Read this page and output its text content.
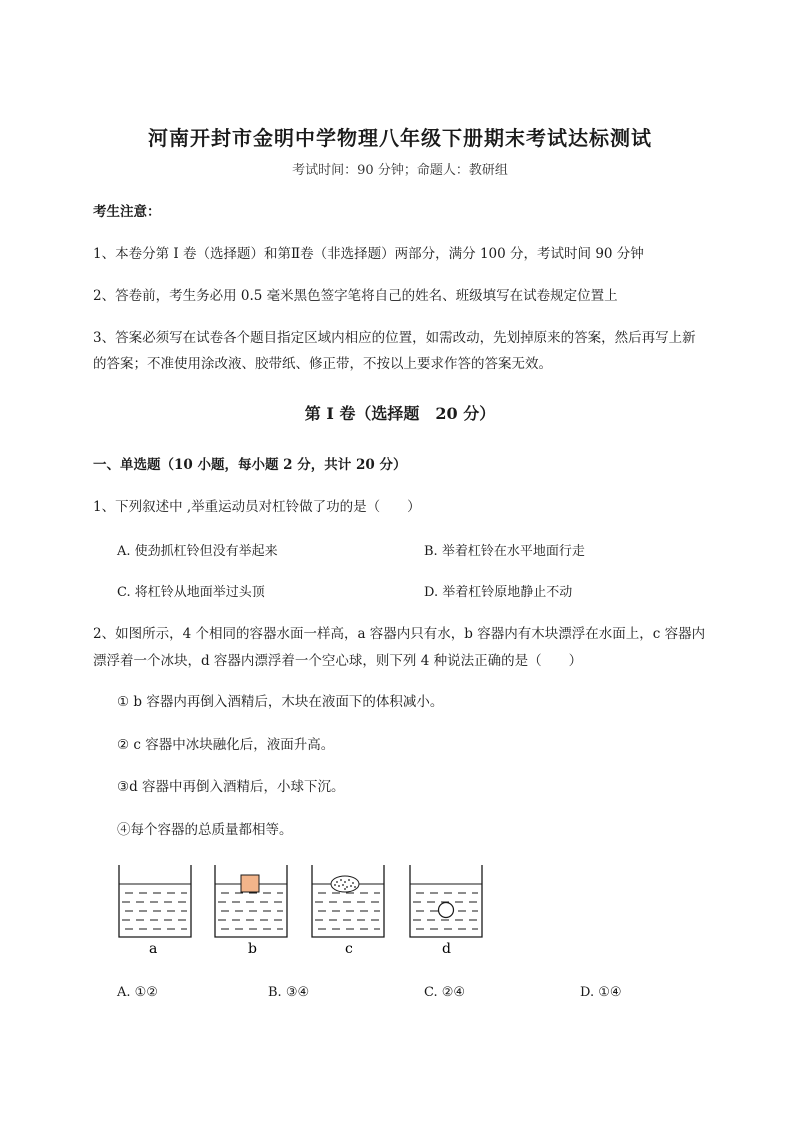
河南开封市金明中学物理八年级下册期末考试达标测试
考试时间：90 分钟；命题人：教研组
考生注意：
1、本卷分第 I 卷（选择题）和第Ⅱ卷（非选择题）两部分，满分 100 分，考试时间 90 分钟
2、答卷前，考生务必用 0.5 毫米黑色签字笔将自己的姓名、班级填写在试卷规定位置上
3、答案必须写在试卷各个题目指定区域内相应的位置，如需改动，先划掉原来的答案，然后再写上新
的答案；不准使用涂改液、胶带纸、修正带，不按以上要求作答的答案无效。
第 I 卷（选择题　20 分）
一、单选题（10 小题，每小题 2 分，共计 20 分）
1、下列叙述中 ,举重运动员对杠铃做了功的是（　　）
A. 使劲抓杠铃但没有举起来	B. 举着杠铃在水平地面行走
C. 将杠铃从地面举过头顶	D. 举着杠铃原地静止不动
2、如图所示，4 个相同的容器水面一样高，a 容器内只有水，b 容器内有木块漂浮在水面上，c 容器内
漂浮着一个冰块，d 容器内漂浮着一个空心球，则下列 4 种说法正确的是（　　）
① b 容器内再倒入酒精后，木块在液面下的体积减小。
② c 容器中冰块融化后，液面升高。
③d 容器中再倒入酒精后，小球下沉。
④每个容器的总质量都相等。
a	b	c	d
A. ①②	B. ③④	C. ②④	D. ①④
